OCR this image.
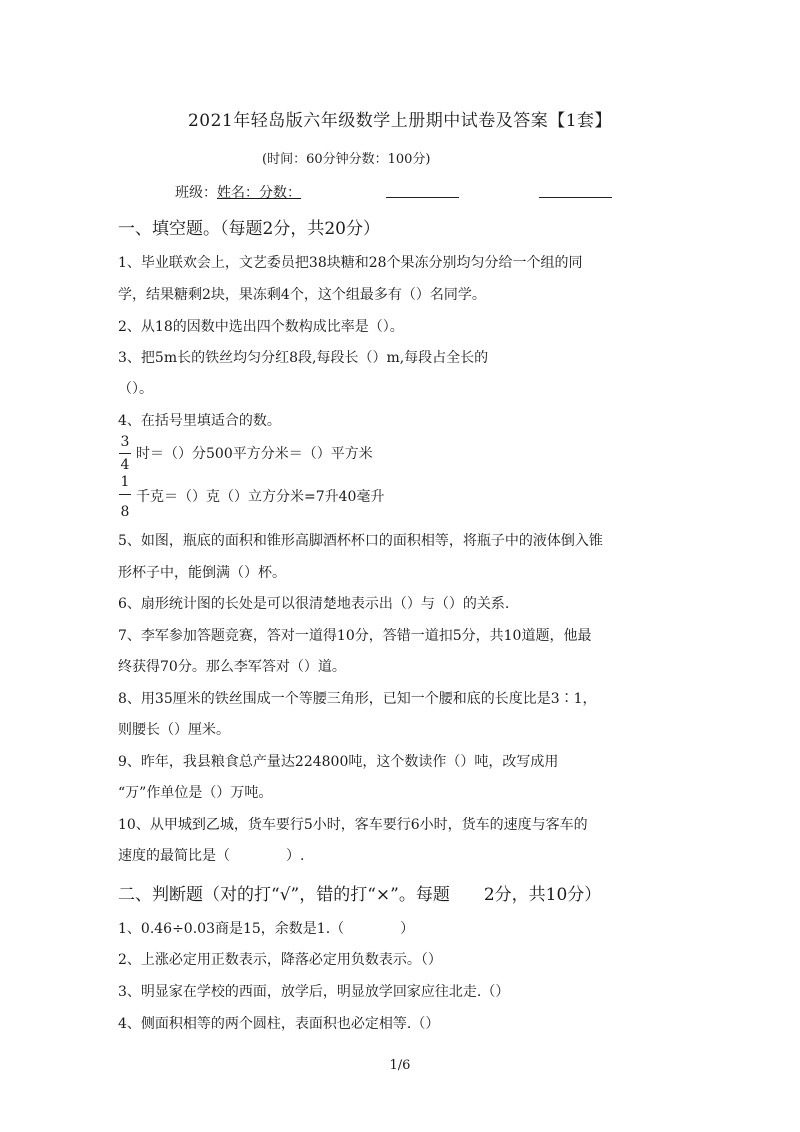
2021年轻岛版六年级数学上册期中试卷及答案【1套】
(时间：60分钟分数：100分)
班级：姓名：分数：
一、填空题。（每题2分，共20分）
1、毕业联欢会上，文艺委员把38块糖和28个果冻分别均匀分给一个组的同
学，结果糖剩2块，果冻剩4个，这个组最多有（）名同学。
2、从18的因数中选出四个数构成比率是（）。
3、把5m长的铁丝均匀分红8段,每段长（）m,每段占全长的
（）。
4、在括号里填适合的数。
3
4
时＝（）分500平方分米＝（）平方米
1
8
千克＝（）克（）立方分米=7升40毫升
5、如图，瓶底的面积和锥形高脚酒杯杯口的面积相等，将瓶子中的液体倒入锥
形杯子中，能倒满（）杯。
6、扇形统计图的长处是可以很清楚地表示出（）与（）的关系.
7、李军参加答题竞赛，答对一道得10分，答错一道扣5分，共10道题，他最
终获得70分。那么李军答对（）道。
8、用35厘米的铁丝围成一个等腰三角形，已知一个腰和底的长度比是3∶1，
则腰长（）厘米。
9、昨年，我县粮食总产量达224800吨，这个数读作（）吨，改写成用
“万”作单位是（）万吨。
10、从甲城到乙城，货车要行5小时，客车要行6小时，货车的速度与客车的
速度的最简比是（　　　　）.
二、判断题（对的打“√”，错的打“×”。每题　　2分，共10分）
1、0.46÷0.03商是15，余数是1.（　　　　）
2、上涨必定用正数表示，降落必定用负数表示。（）
3、明显家在学校的西面，放学后，明显放学回家应往北走.（）
4、侧面积相等的两个圆柱，表面积也必定相等.（）
1/6
